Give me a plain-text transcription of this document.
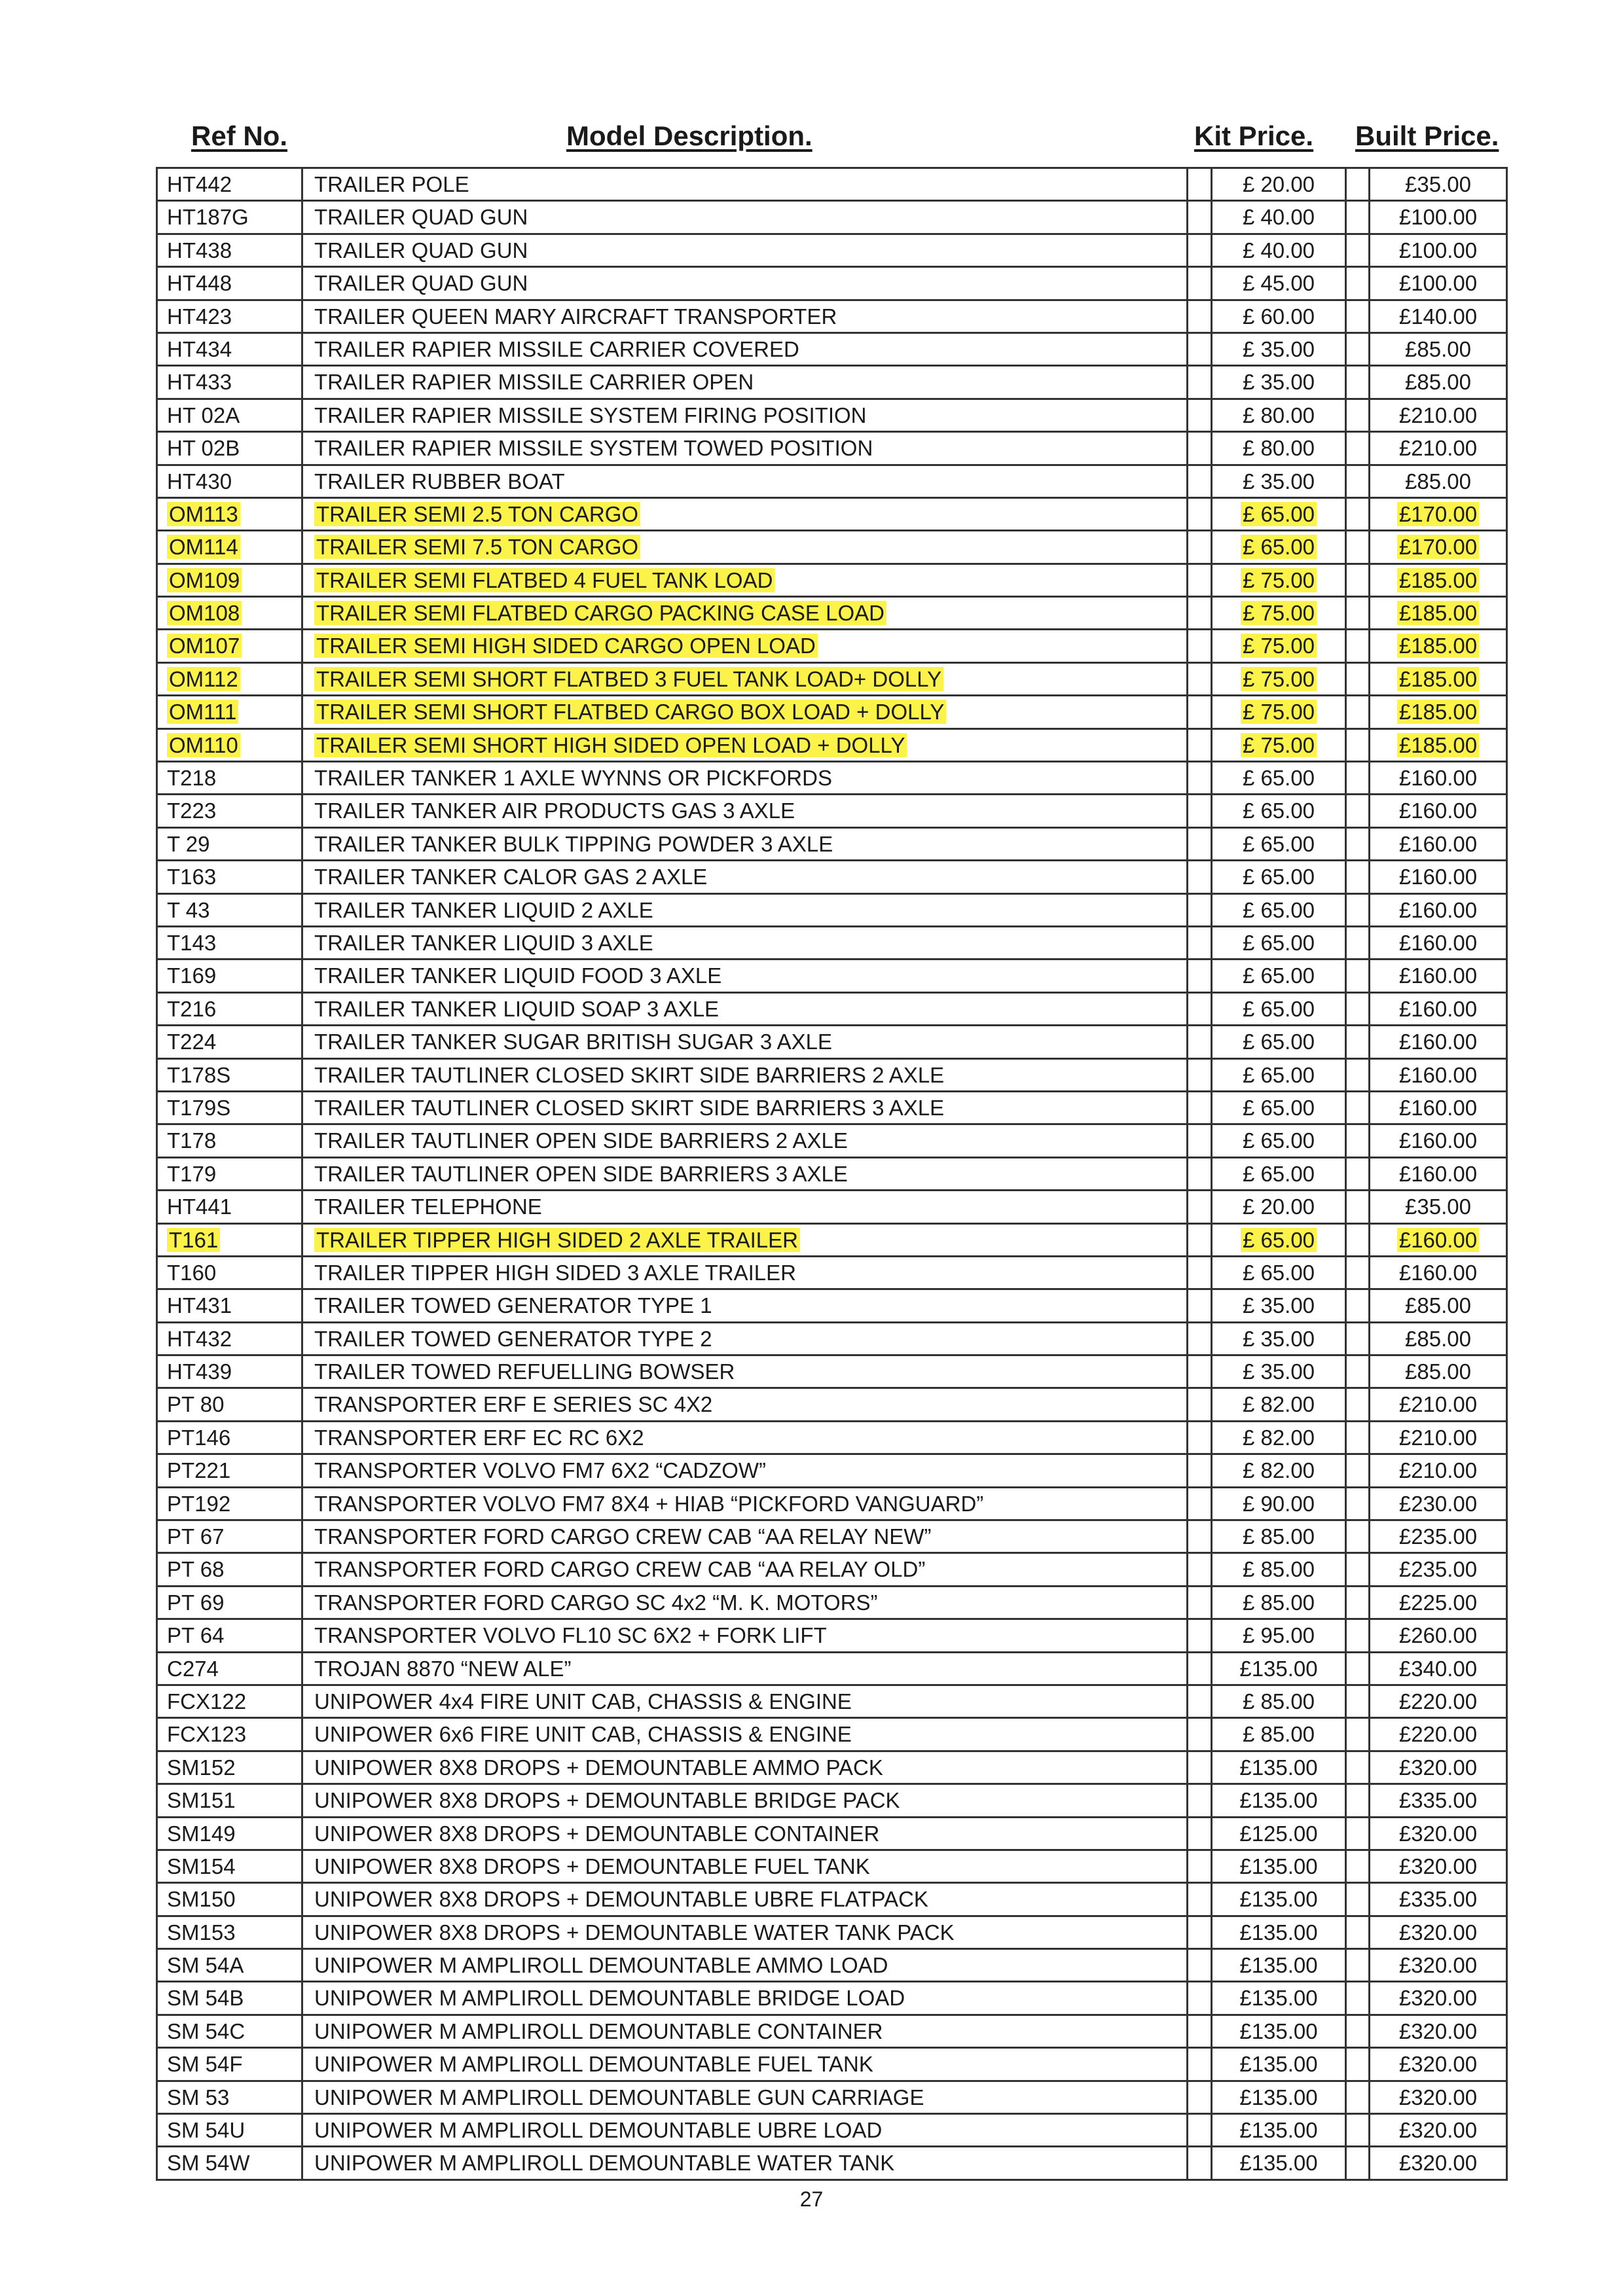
Ref No.	Model Description.	Kit Price. Built Price.
HT442	TRAILER POLE	£ 20.00	£35.00
HT187G	TRAILER QUAD GUN	£ 40.00	£100.00
HT438	TRAILER QUAD GUN	£ 40.00	£100.00
HT448	TRAILER QUAD GUN	£ 45.00	£100.00
HT423	TRAILER QUEEN MARY AIRCRAFT TRANSPORTER	£ 60.00	£140.00
HT434	TRAILER RAPIER MISSILE CARRIER COVERED	£ 35.00	£85.00
HT433	TRAILER RAPIER MISSILE CARRIER OPEN	£ 35.00	£85.00
HT 02A	TRAILER RAPIER MISSILE SYSTEM FIRING POSITION	£ 80.00	£210.00
HT 02B	TRAILER RAPIER MISSILE SYSTEM TOWED POSITION	£ 80.00	£210.00
HT430	TRAILER RUBBER BOAT	£ 35.00	£85.00
OM113	TRAILER SEMI 2.5 TON CARGO	£ 65.00	£170.00
OM114	TRAILER SEMI 7.5 TON CARGO	£ 65.00	£170.00
OM109	TRAILER SEMI FLATBED 4 FUEL TANK LOAD	£ 75.00	£185.00
OM108	TRAILER SEMI FLATBED CARGO PACKING CASE LOAD	£ 75.00	£185.00
OM107	TRAILER SEMI HIGH SIDED CARGO OPEN LOAD	£ 75.00	£185.00
OM112	TRAILER SEMI SHORT FLATBED 3 FUEL TANK LOAD+ DOLLY	£ 75.00	£185.00
OM111	TRAILER SEMI SHORT FLATBED CARGO BOX LOAD + DOLLY	£ 75.00	£185.00
OM110	TRAILER SEMI SHORT HIGH SIDED OPEN LOAD + DOLLY	£ 75.00	£185.00
T218	TRAILER TANKER 1 AXLE WYNNS OR PICKFORDS	£ 65.00	£160.00
T223	TRAILER TANKER AIR PRODUCTS GAS 3 AXLE	£ 65.00	£160.00
T 29	TRAILER TANKER BULK TIPPING POWDER 3 AXLE	£ 65.00	£160.00
T163	TRAILER TANKER CALOR GAS 2 AXLE	£ 65.00	£160.00
T 43	TRAILER TANKER LIQUID 2 AXLE	£ 65.00	£160.00
T143	TRAILER TANKER LIQUID 3 AXLE	£ 65.00	£160.00
T169	TRAILER TANKER LIQUID FOOD 3 AXLE	£ 65.00	£160.00
T216	TRAILER TANKER LIQUID SOAP 3 AXLE	£ 65.00	£160.00
T224	TRAILER TANKER SUGAR BRITISH SUGAR 3 AXLE	£ 65.00	£160.00
T178S	TRAILER TAUTLINER CLOSED SKIRT SIDE BARRIERS 2 AXLE	£ 65.00	£160.00
T179S	TRAILER TAUTLINER CLOSED SKIRT SIDE BARRIERS 3 AXLE	£ 65.00	£160.00
T178	TRAILER TAUTLINER OPEN SIDE BARRIERS 2 AXLE	£ 65.00	£160.00
T179	TRAILER TAUTLINER OPEN SIDE BARRIERS 3 AXLE	£ 65.00	£160.00
HT441	TRAILER TELEPHONE	£ 20.00	£35.00
T161	TRAILER TIPPER HIGH SIDED 2 AXLE TRAILER	£ 65.00	£160.00
T160	TRAILER TIPPER HIGH SIDED 3 AXLE TRAILER	£ 65.00	£160.00
HT431	TRAILER TOWED GENERATOR TYPE 1	£ 35.00	£85.00
HT432	TRAILER TOWED GENERATOR TYPE 2	£ 35.00	£85.00
HT439	TRAILER TOWED REFUELLING BOWSER	£ 35.00	£85.00
PT 80	TRANSPORTER ERF E SERIES SC 4X2	£ 82.00	£210.00
PT146	TRANSPORTER ERF EC RC 6X2	£ 82.00	£210.00
PT221	TRANSPORTER VOLVO FM7 6X2 “CADZOW”	£ 82.00	£210.00
PT192	TRANSPORTER VOLVO FM7 8X4 + HIAB “PICKFORD VANGUARD”	£ 90.00	£230.00
PT 67	TRANSPORTER FORD CARGO CREW CAB “AA RELAY NEW”	£ 85.00	£235.00
PT 68	TRANSPORTER FORD CARGO CREW CAB “AA RELAY OLD”	£ 85.00	£235.00
PT 69	TRANSPORTER FORD CARGO SC 4x2 “M. K. MOTORS”	£ 85.00	£225.00
PT 64	TRANSPORTER VOLVO FL10 SC 6X2 + FORK LIFT	£ 95.00	£260.00
C274	TROJAN 8870 “NEW ALE”	£135.00	£340.00
FCX122	UNIPOWER 4x4 FIRE UNIT CAB, CHASSIS & ENGINE	£ 85.00	£220.00
FCX123	UNIPOWER 6x6 FIRE UNIT CAB, CHASSIS & ENGINE	£ 85.00	£220.00
SM152	UNIPOWER 8X8 DROPS + DEMOUNTABLE AMMO PACK	£135.00	£320.00
SM151	UNIPOWER 8X8 DROPS + DEMOUNTABLE BRIDGE PACK	£135.00	£335.00
SM149	UNIPOWER 8X8 DROPS + DEMOUNTABLE CONTAINER	£125.00	£320.00
SM154	UNIPOWER 8X8 DROPS + DEMOUNTABLE FUEL TANK	£135.00	£320.00
SM150	UNIPOWER 8X8 DROPS + DEMOUNTABLE UBRE FLATPACK	£135.00	£335.00
SM153	UNIPOWER 8X8 DROPS + DEMOUNTABLE WATER TANK PACK	£135.00	£320.00
SM 54A	UNIPOWER M AMPLIROLL DEMOUNTABLE AMMO LOAD	£135.00	£320.00
SM 54B	UNIPOWER M AMPLIROLL DEMOUNTABLE BRIDGE LOAD	£135.00	£320.00
SM 54C	UNIPOWER M AMPLIROLL DEMOUNTABLE CONTAINER	£135.00	£320.00
SM 54F	UNIPOWER M AMPLIROLL DEMOUNTABLE FUEL TANK	£135.00	£320.00
SM 53	UNIPOWER M AMPLIROLL DEMOUNTABLE GUN CARRIAGE	£135.00	£320.00
SM 54U	UNIPOWER M AMPLIROLL DEMOUNTABLE UBRE LOAD	£135.00	£320.00
SM 54W	UNIPOWER M AMPLIROLL DEMOUNTABLE WATER TANK	£135.00	£320.00
27
